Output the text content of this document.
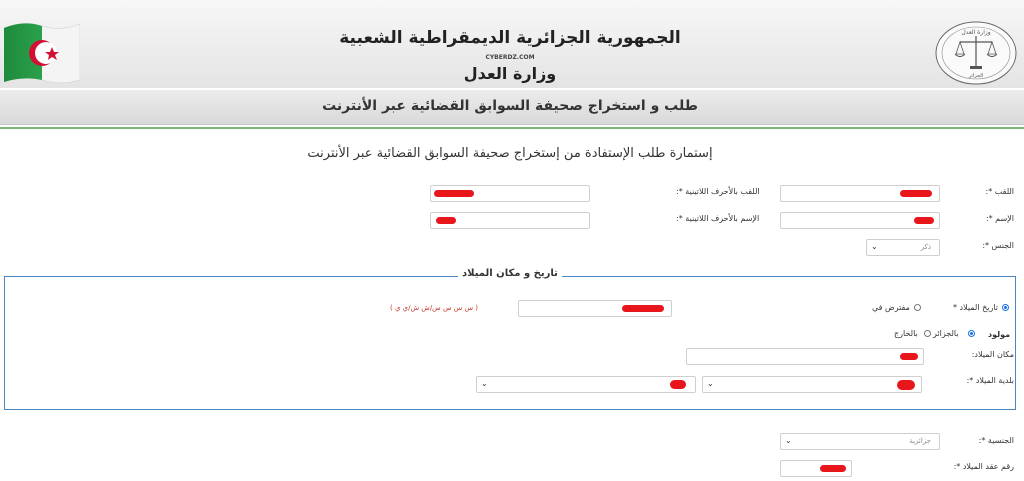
الجمهورية الجزائرية الديمقراطية الشعبية
CYBERDZ.COM
وزارة العدل
وزارة العدل
الجزائر
طلب و استخراج صحيفة السوابق القضائية عبر الأنترنت
إستمارة طلب الإستفادة من إستخراج صحيفة السوابق القضائية عبر الأنترنت
اللقب *:
اللقب بالأحرف اللاتينية *:
الإسم *:
الإسم بالأحرف اللاتينية *:
الجنس *:
⌄	ذكر
تاريخ و مكان الميلاد
تاريخ الميلاد *
مفترض في
( س س س س/ش ش/ي ي )
مولود
بالجزائر
بالخارج
مكان الميلاد:
بلدية الميلاد *:
⌄
⌄
الجنسية *:
⌄	جزائرية
رقم عقد الميلاد *:
